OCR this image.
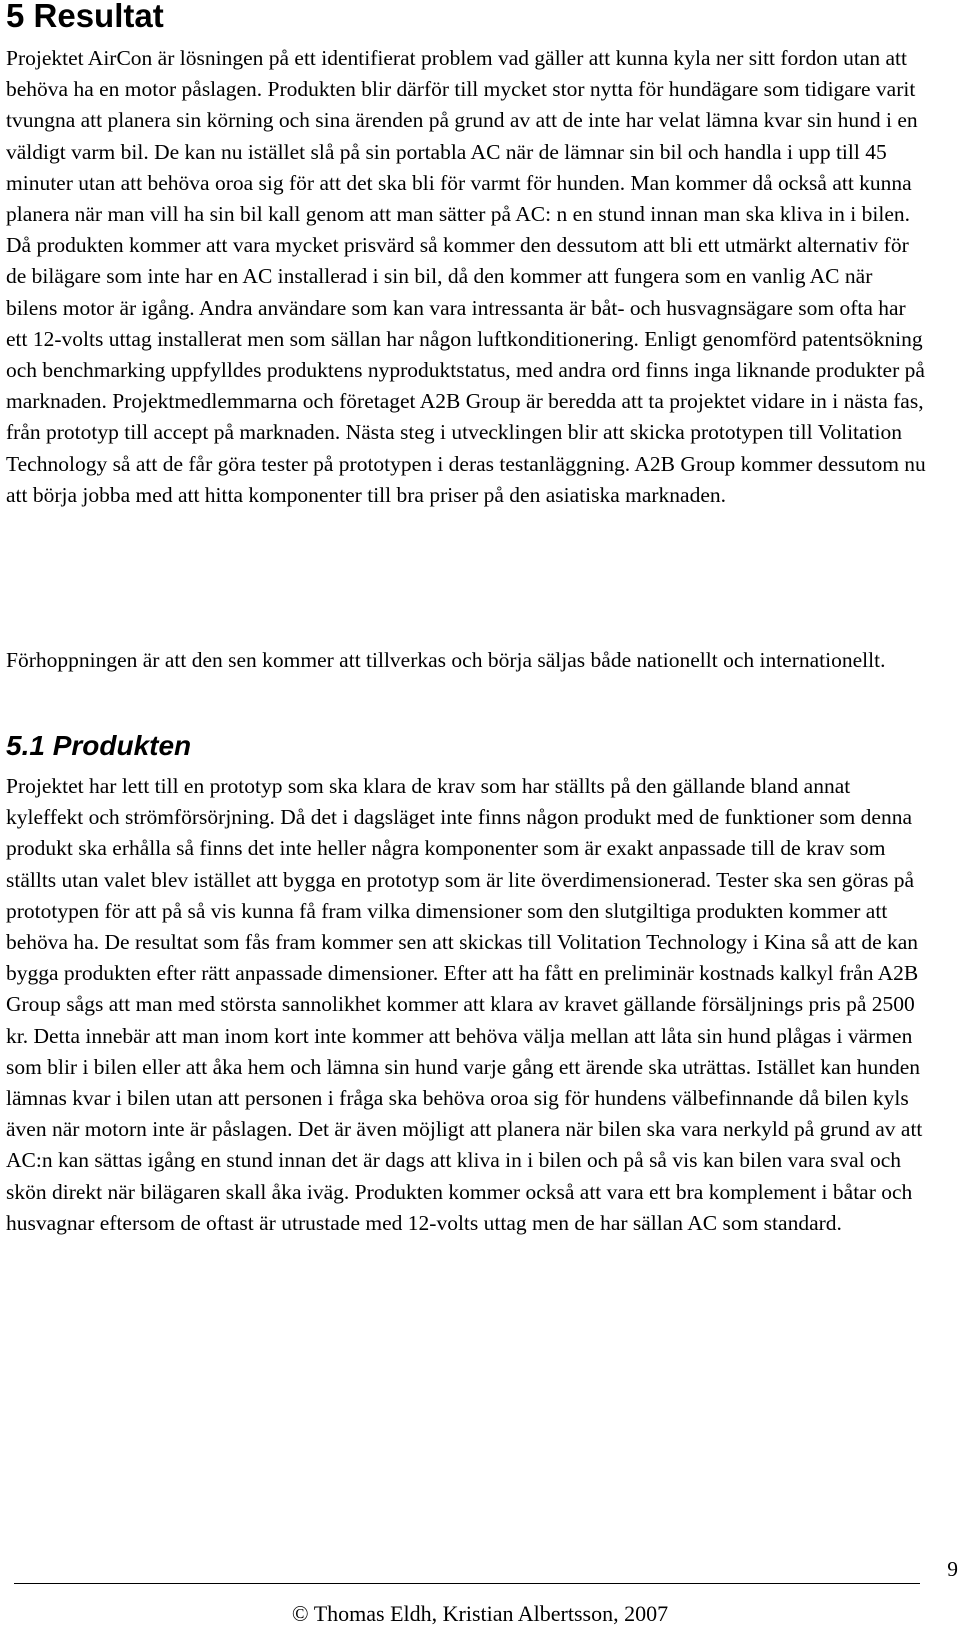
5 Resultat

Projektet AirCon är lösningen på ett identifierat problem vad gäller att kunna kyla ner sitt fordon utan att behöva ha en motor påslagen. Produkten blir därför till mycket stor nytta för hundägare som tidigare varit tvungna att planera sin körning och sina ärenden på grund av att de inte har velat lämna kvar sin hund i en väldigt varm bil. De kan nu istället slå på sin portabla AC när de lämnar sin bil och handla i upp till 45 minuter utan att behöva oroa sig för att det ska bli för varmt för hunden. Man kommer då också att kunna planera när man vill ha sin bil kall genom att man sätter på AC: n en stund innan man ska kliva in i bilen. Då produkten kommer att vara mycket prisvärd så kommer den dessutom att bli ett utmärkt alternativ för de bilägare som inte har en AC installerad i sin bil, då den kommer att fungera som en vanlig AC när bilens motor är igång. Andra användare som kan vara intressanta är båt- och husvagnsägare som ofta har ett 12-volts uttag installerat men som sällan har någon luftkonditionering. Enligt genomförd patentsökning och benchmarking uppfylldes produktens nyproduktstatus, med andra ord finns inga liknande produkter på marknaden. Projektmedlemmarna och företaget A2B Group är beredda att ta projektet vidare in i nästa fas, från prototyp till accept på marknaden. Nästa steg i utvecklingen blir att skicka prototypen till Volitation Technology så att de får göra tester på prototypen i deras testanläggning. A2B Group kommer dessutom nu att börja jobba med att hitta komponenter till bra priser på den asiatiska marknaden.

Förhoppningen är att den sen kommer att tillverkas och börja säljas både nationellt och internationellt.

5.1 Produkten

Projektet har lett till en prototyp som ska klara de krav som har ställts på den gällande bland annat kyleffekt och strömförsörjning. Då det i dagsläget inte finns någon produkt med de funktioner som denna produkt ska erhålla så finns det inte heller några komponenter som är exakt anpassade till de krav som ställts utan valet blev istället att bygga en prototyp som är lite överdimensionerad. Tester ska sen göras på prototypen för att på så vis kunna få fram vilka dimensioner som den slutgiltiga produkten kommer att behöva ha. De resultat som fås fram kommer sen att skickas till Volitation Technology i Kina så att de kan bygga produkten efter rätt anpassade dimensioner. Efter att ha fått en preliminär kostnads kalkyl från A2B Group sågs att man med största sannolikhet kommer att klara av kravet gällande försäljnings pris på 2500 kr. Detta innebär att man inom kort inte kommer att behöva välja mellan att låta sin hund plågas i värmen som blir i bilen eller att åka hem och lämna sin hund varje gång ett ärende ska uträttas. Istället kan hunden lämnas kvar i bilen utan att personen i fråga ska behöva oroa sig för hundens välbefinnande då bilen kyls även när motorn inte är påslagen. Det är även möjligt att planera när bilen ska vara nerkyld på grund av att AC:n kan sättas igång en stund innan det är dags att kliva in i bilen och på så vis kan bilen vara sval och skön direkt när bilägaren skall åka iväg. Produkten kommer också att vara ett bra komplement i båtar och husvagnar eftersom de oftast är utrustade med 12-volts uttag men de har sällan AC som standard.

9
© Thomas Eldh, Kristian Albertsson, 2007
